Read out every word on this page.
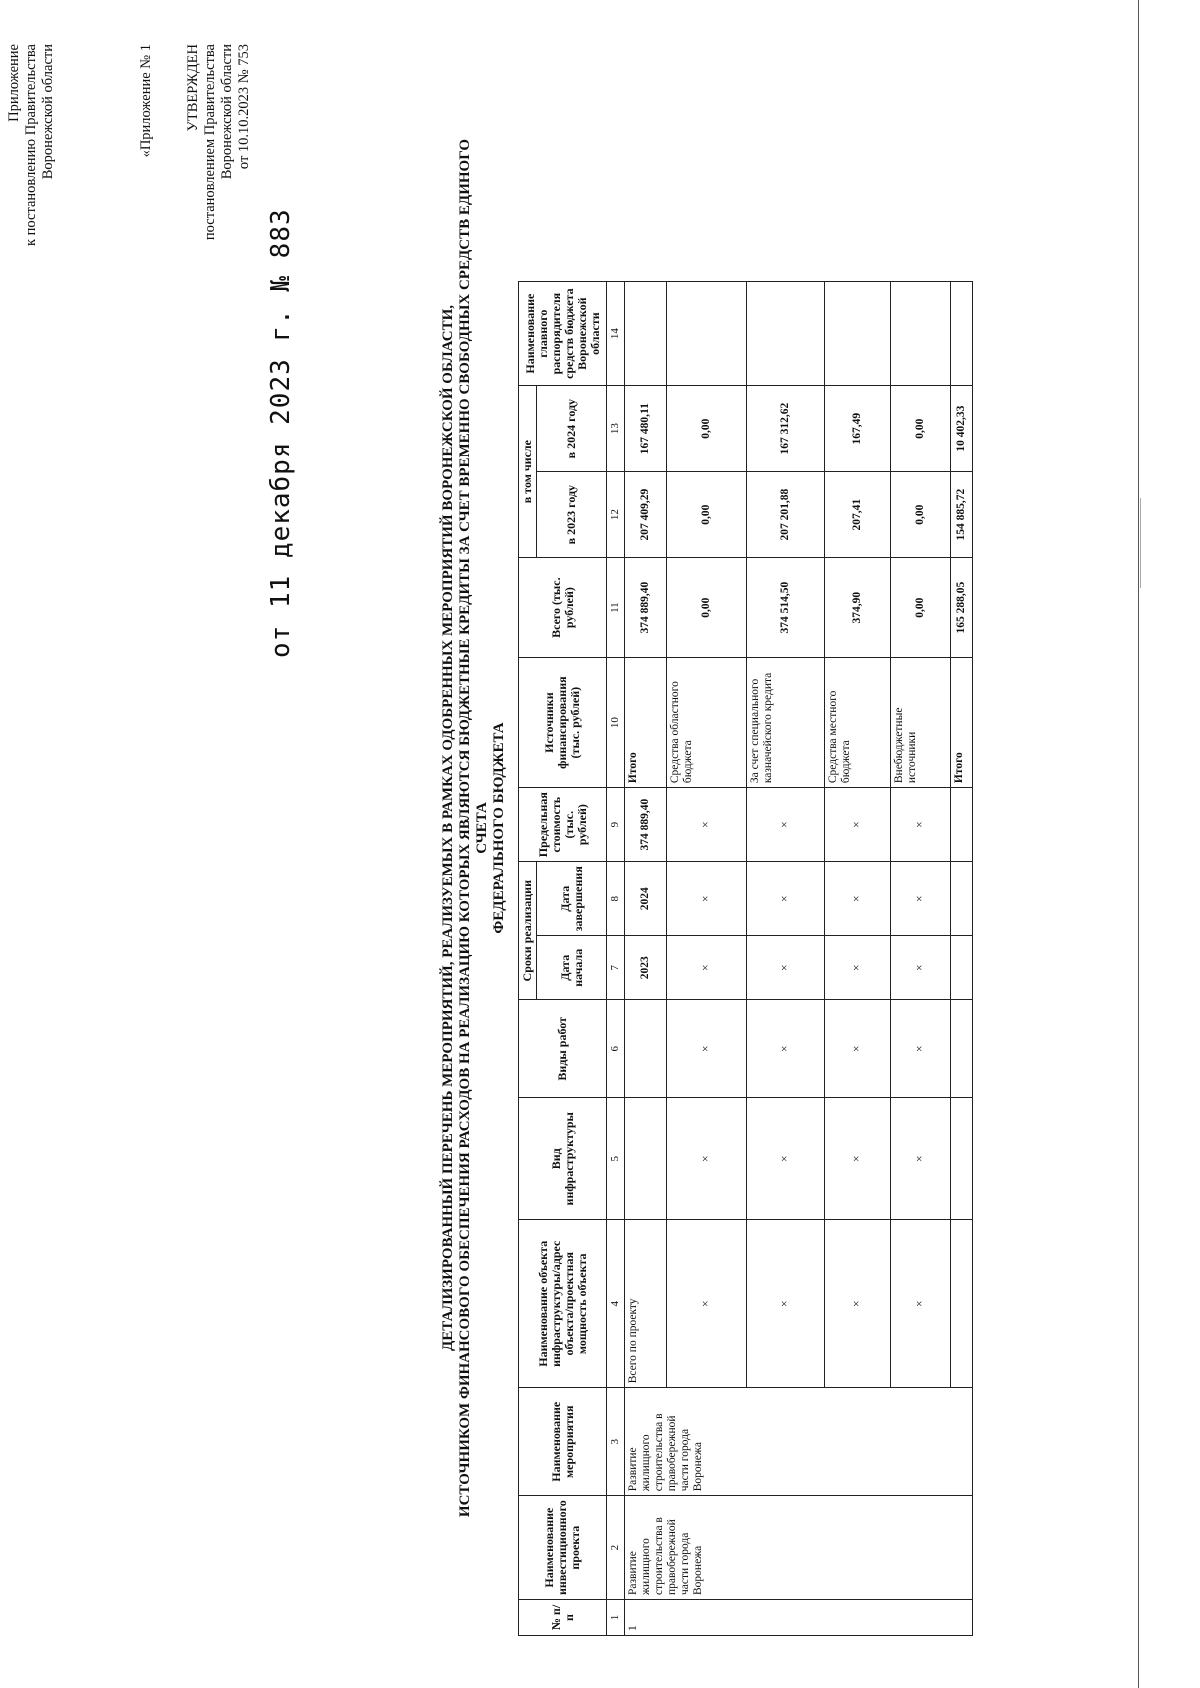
Приложение к постановлению Правительства Воронежской области
от 11 декабря 2023 г. № 883
«Приложение № 1 УТВЕРЖДЕН постановлением Правительства Воронежской области от 10.10.2023 № 753
ДЕТАЛИЗИРОВАННЫЙ ПЕРЕЧЕНЬ МЕРОПРИЯТИЙ, РЕАЛИЗУЕМЫХ В РАМКАХ ОДОБРЕННЫХ МЕРОПРИЯТИЙ ВОРОНЕЖСКОЙ ОБЛАСТИ, ИСТОЧНИКОМ ФИНАНСОВОГО ОБЕСПЕЧЕНИЯ РАСХОДОВ НА РЕАЛИЗАЦИЮ КОТОРЫХ ЯВЛЯЮТСЯ БЮДЖЕТНЫЕ КРЕДИТЫ ЗА СЧЕТ ВРЕМЕННО СВОБОДНЫХ СРЕДСТВ ЕДИНОГО СЧЕТА ФЕДЕРАЛЬНОГО БЮДЖЕТА
№ п/п	Наименование инвестиционного проекта	Наименование мероприятия	Наименование объекта инфраструктуры/адрес объекта/проектная мощность объекта	Вид инфраструктуры	Виды работ	Сроки реализации		Предельная стоимость (тыс. рублей)	Источники финансирования (тыс. рублей)	Всего (тыс. рублей)	в том числе		Наименование главного распорядителя средств бюджета Воронежской области
						Дата начала	Дата завершения				в 2023 году	в 2024 году	

1	2	3	4	5	6	7	8	9	10	11	12	13	14
1	Развитие жилищного строительства в правобережной части города Воронежа	Развитие жилищного строительства в правобережной части города Воронежа	Всего по проекту			2023	2024	374 889,40	Итого	374 889,40	207 409,29	167 480,11	
			×	×	×	×	×	×	Средства областного бюджета	0,00	0,00	0,00	
			×	×	×	×	×	×	За счет специального казначейского кредита	374 514,50	207 201,88	167 312,62	
			×	×	×	×	×	×	Средства местного бюджета	374,90	207,41	167,49	
			×	×	×	×	×	×	Внебюджетные источники	0,00	0,00	0,00	
									Итого	165 288,05	154 885,72	10 402,33	
